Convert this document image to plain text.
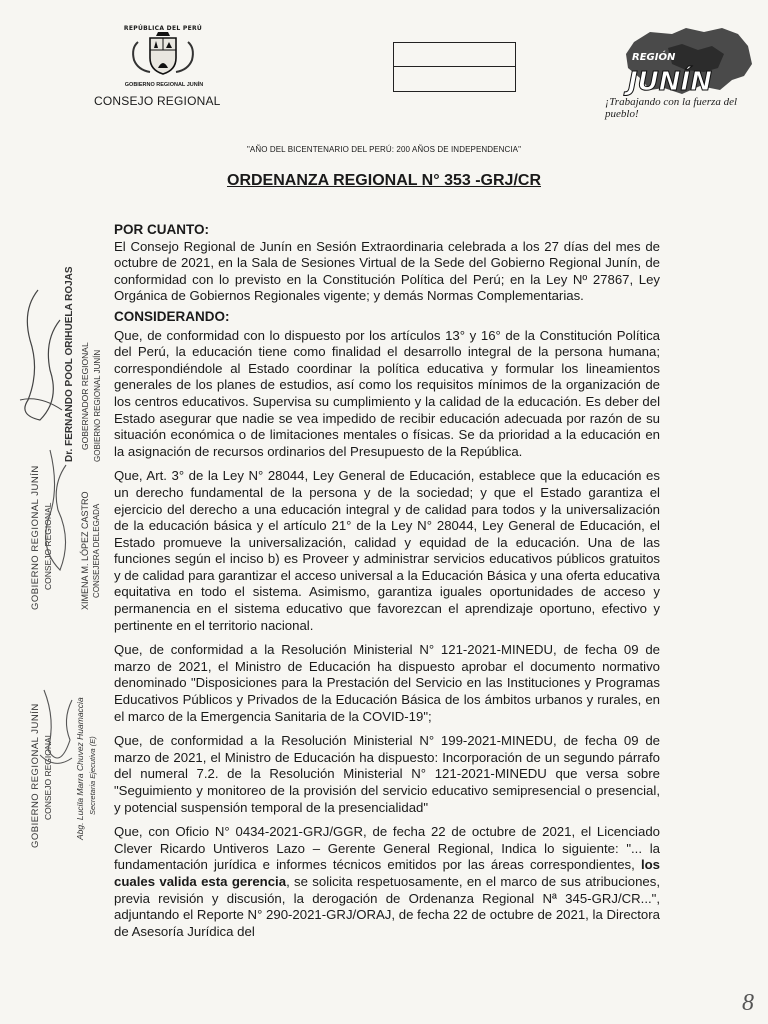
REPÚBLICA DEL PERÚ
GOBIERNO REGIONAL JUNÍN
CONSEJO REGIONAL
REGIÓN
JUNÍN
¡Trabajando con la fuerza del pueblo!
"AÑO DEL BICENTENARIO DEL PERÚ: 200 AÑOS DE INDEPENDENCIA"
ORDENANZA REGIONAL N° 353 -GRJ/CR
POR CUANTO:

El Consejo Regional de Junín en Sesión Extraordinaria celebrada a los 27 días del mes de octubre de 2021, en la Sala de Sesiones Virtual de la Sede del Gobierno Regional Junín, de conformidad con lo previsto en la Constitución Política del Perú; en la Ley Nº 27867, Ley Orgánica de Gobiernos Regionales vigente; y demás Normas Complementarias.

CONSIDERANDO:

Que, de conformidad con lo dispuesto por los artículos 13° y 16° de la Constitución Política del Perú, la educación tiene como finalidad el desarrollo integral de la persona humana; correspondiéndole al Estado coordinar la política educativa y formular los lineamientos generales de los planes de estudios, así como los requisitos mínimos de la organización de los centros educativos. Supervisa su cumplimiento y la calidad de la educación. Es deber del Estado asegurar que nadie se vea impedido de recibir educación adecuada por razón de su situación económica o de limitaciones mentales o físicas. Se da prioridad a la educación en la asignación de recursos ordinarios del Presupuesto de la República.

Que, Art. 3° de la Ley N° 28044, Ley General de Educación, establece que la educación es un derecho fundamental de la persona y de la sociedad; y que el Estado garantiza el ejercicio del derecho a una educación integral y de calidad para todos y la universalización de la educación básica y el artículo 21° de la Ley N° 28044, Ley General de Educación, el Estado promueve la universalización, calidad y equidad de la educación. Una de las funciones según el inciso b) es Proveer y administrar servicios educativos públicos gratuitos y de calidad para garantizar el acceso universal a la Educación Básica y una oferta educativa equitativa en todo el sistema. Asimismo, garantiza iguales oportunidades de acceso y permanencia en el sistema educativo que favorezcan el aprendizaje oportuno, efectivo y pertinente en el territorio nacional.

Que, de conformidad a la Resolución Ministerial N° 121-2021-MINEDU, de fecha 09 de marzo de 2021, el Ministro de Educación ha dispuesto aprobar el documento normativo denominado "Disposiciones para la Prestación del Servicio en las Instituciones y Programas Educativos Públicos y Privados de la Educación Básica de los ámbitos urbanos y rurales, en el marco de la Emergencia Sanitaria de la COVID-19";

Que, de conformidad a la Resolución Ministerial N° 199-2021-MINEDU, de fecha 09 de marzo de 2021, el Ministro de Educación ha dispuesto: Incorporación de un segundo párrafo del numeral 7.2. de la Resolución Ministerial N° 121-2021-MINEDU que versa sobre "Seguimiento y monitoreo de la provisión del servicio educativo semipresencial o presencial, y potencial suspensión temporal de la presencialidad"

Que, con Oficio N° 0434-2021-GRJ/GGR, de fecha 22 de octubre de 2021, el Licenciado Clever Ricardo Untiveros Lazo – Gerente General Regional, Indica lo siguiente: "... la fundamentación jurídica e informes técnicos emitidos por las áreas correspondientes, los cuales valida esta gerencia, se solicita respetuosamente, en el marco de sus atribuciones, previa revisión y discusión, la derogación de Ordenanza Regional Nª 345-GRJ/CR...", adjuntando el Reporte N° 290-2021-GRJ/ORAJ, de fecha 22 de octubre de 2021, la Directora de Asesoría Jurídica del

Dr. FERNANDO POOL ORIHUELA ROJAS GOBERNADOR REGIONAL GOBIERNO REGIONAL JUNÍN
GOBIERNO REGIONAL JUNÍN CONSEJO REGIONAL	XIMENA M. LÓPEZ CASTRO CONSEJERA DELEGADA
GOBIERNO REGIONAL JUNÍN CONSEJO REGIONAL	Abg. Lucila Marra Chuvez Huamaccia Secretaria Ejecutiva (E)
8
